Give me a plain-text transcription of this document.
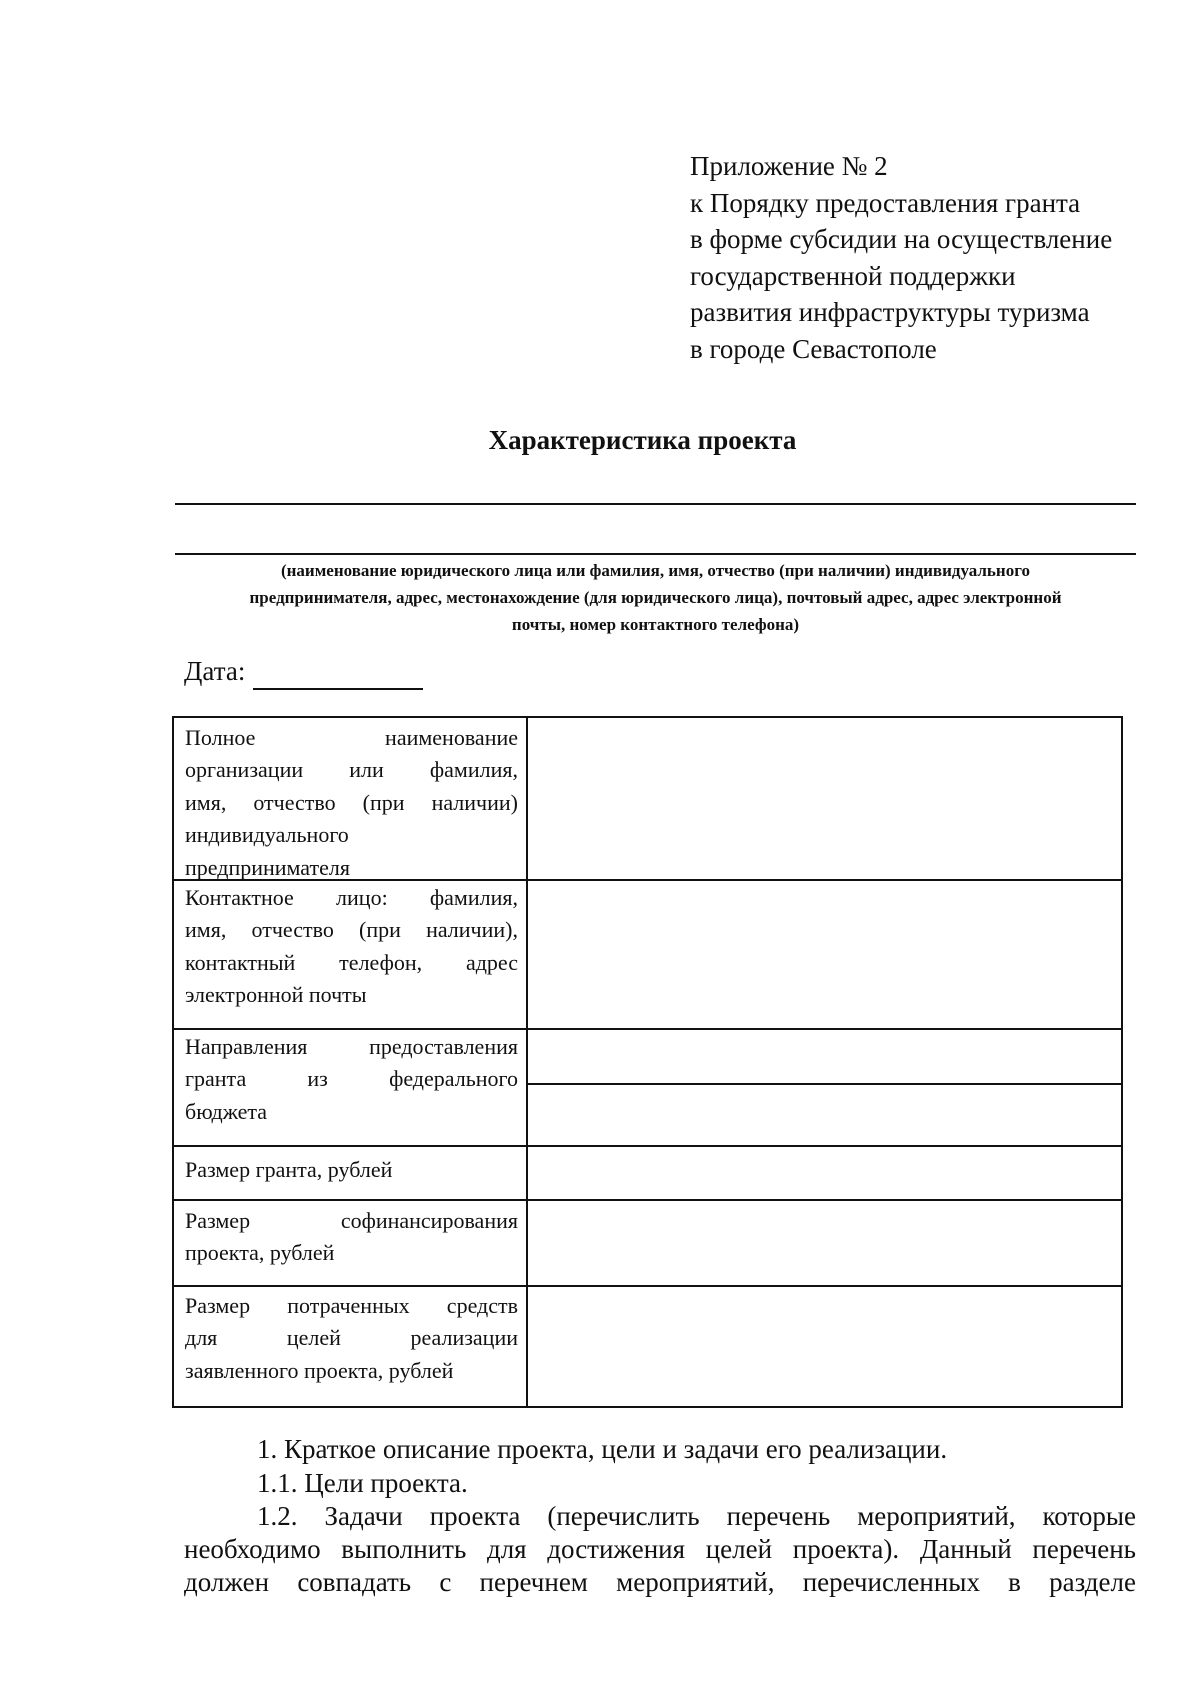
Приложение № 2
к Порядку предоставления гранта
в форме субсидии на осуществление
государственной поддержки
развития инфраструктуры туризма
в городе Севастополе
Характеристика проекта
(наименование юридического лица или фамилия, имя, отчество (при наличии) индивидуального
предпринимателя, адрес, местонахождение (для юридического лица), почтовый адрес, адрес электронной
почты, номер контактного телефона)
Дата:
Полное наименование
организации или фамилия,
имя, отчество (при наличии)
индивидуального
предпринимателя
Контактное лицо: фамилия,
имя, отчество (при наличии),
контактный телефон, адрес
электронной почты
Направления предоставления
гранта из федерального
бюджета
Размер гранта, рублей
Размер софинансирования
проекта, рублей
Размер потраченных средств
для целей реализации
заявленного проекта, рублей
1. Краткое описание проекта, цели и задачи его реализации.
1.1. Цели проекта.
1.2. Задачи проекта (перечислить перечень мероприятий, которые
необходимо выполнить для достижения целей проекта). Данный перечень
должен совпадать с перечнем мероприятий, перечисленных в разделе
